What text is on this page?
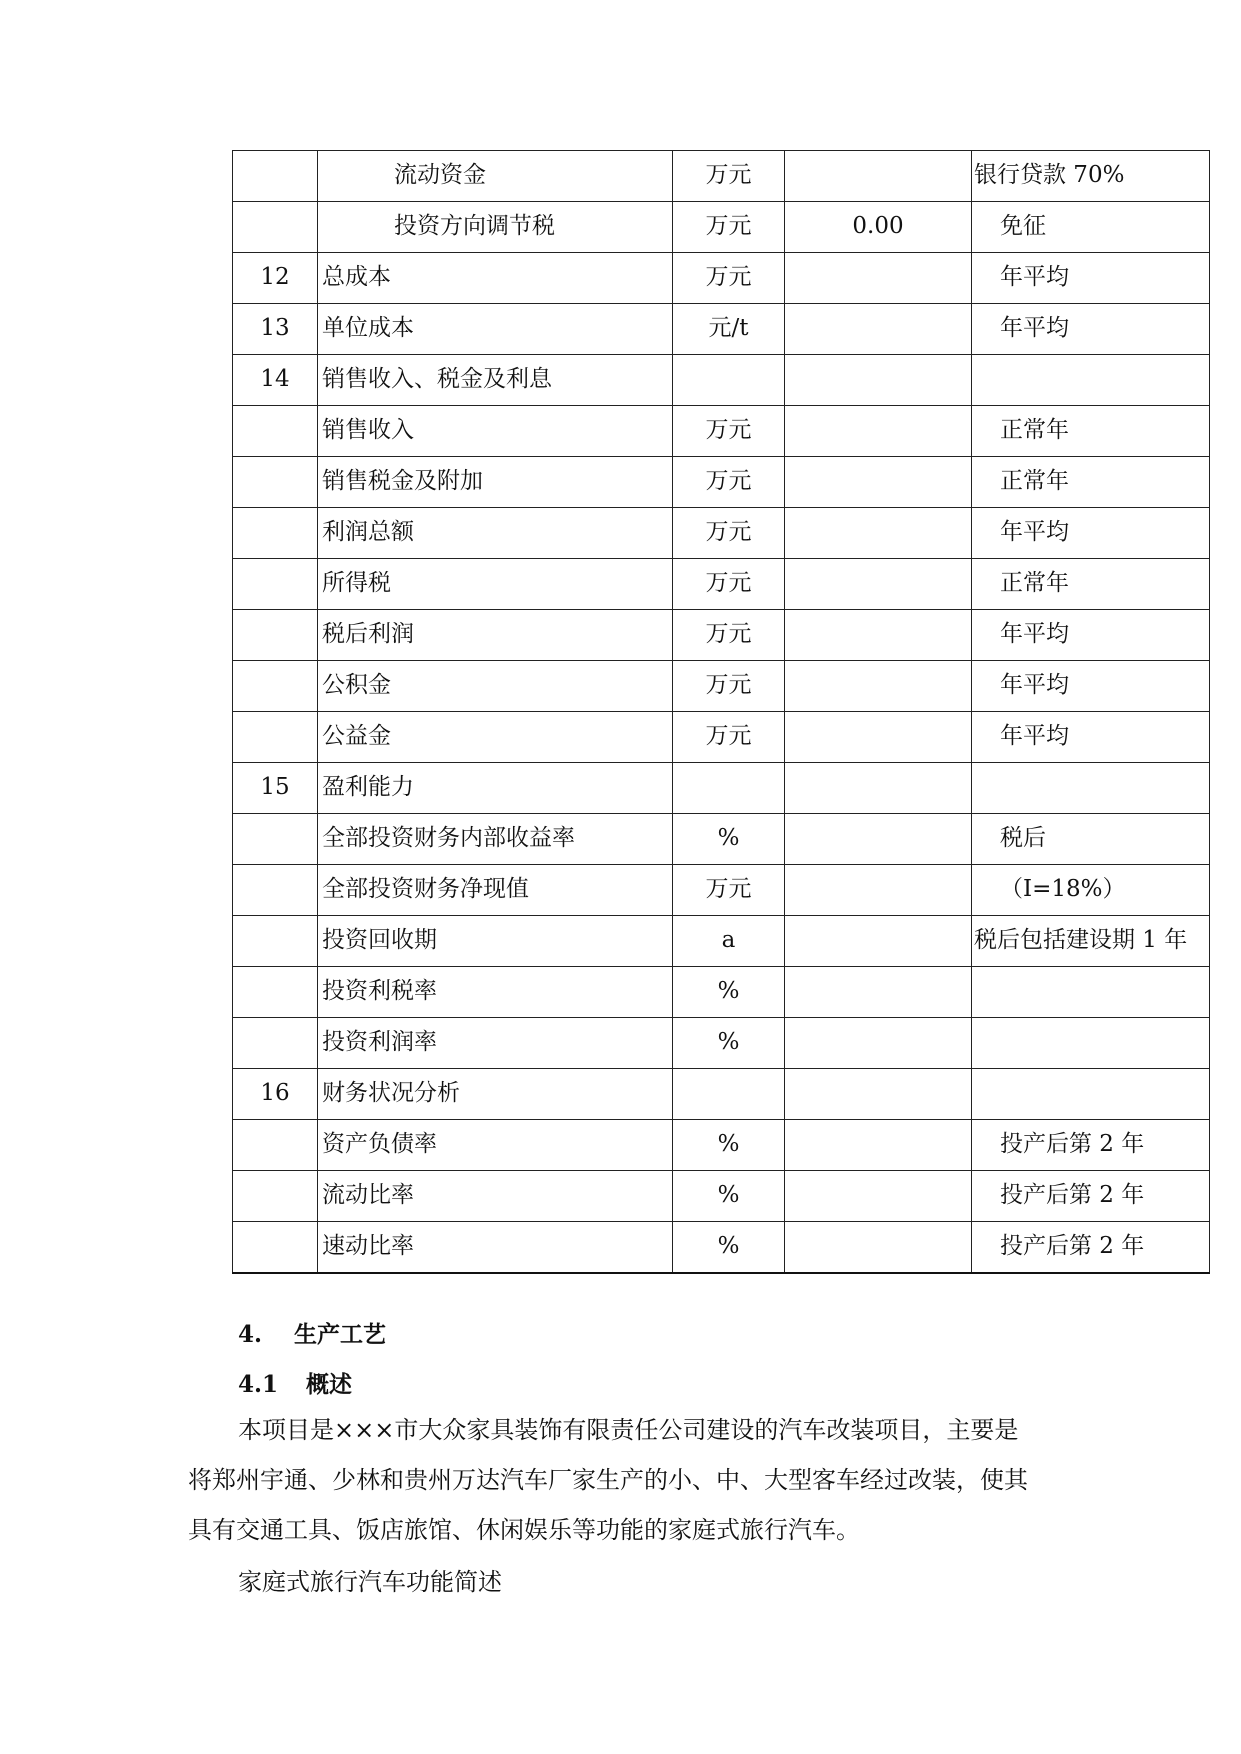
	流动资金	万元		银行贷款 70%
	投资方向调节税	万元	0.00	免征
12	总成本	万元		年平均
13	单位成本	元/t		年平均
14	销售收入、税金及利息			
	销售收入	万元		正常年
	销售税金及附加	万元		正常年
	利润总额	万元		年平均
	所得税	万元		正常年
	税后利润	万元		年平均
	公积金	万元		年平均
	公益金	万元		年平均
15	盈利能力			
	全部投资财务内部收益率	%		税后
	全部投资财务净现值	万元		（I=18%）
	投资回收期	a		税后包括建设期 1 年
	投资利税率	%		
	投资利润率	%		
16	财务状况分析			
	资产负债率	%		投产后第 2 年
	流动比率	%		投产后第 2 年
	速动比率	%		投产后第 2 年
4. 生产工艺
4.1 概述
本项目是×××市大众家具装饰有限责任公司建设的汽车改装项目，主要是
将郑州宇通、少林和贵州万达汽车厂家生产的小、中、大型客车经过改装，使其
具有交通工具、饭店旅馆、休闲娱乐等功能的家庭式旅行汽车。
家庭式旅行汽车功能简述
